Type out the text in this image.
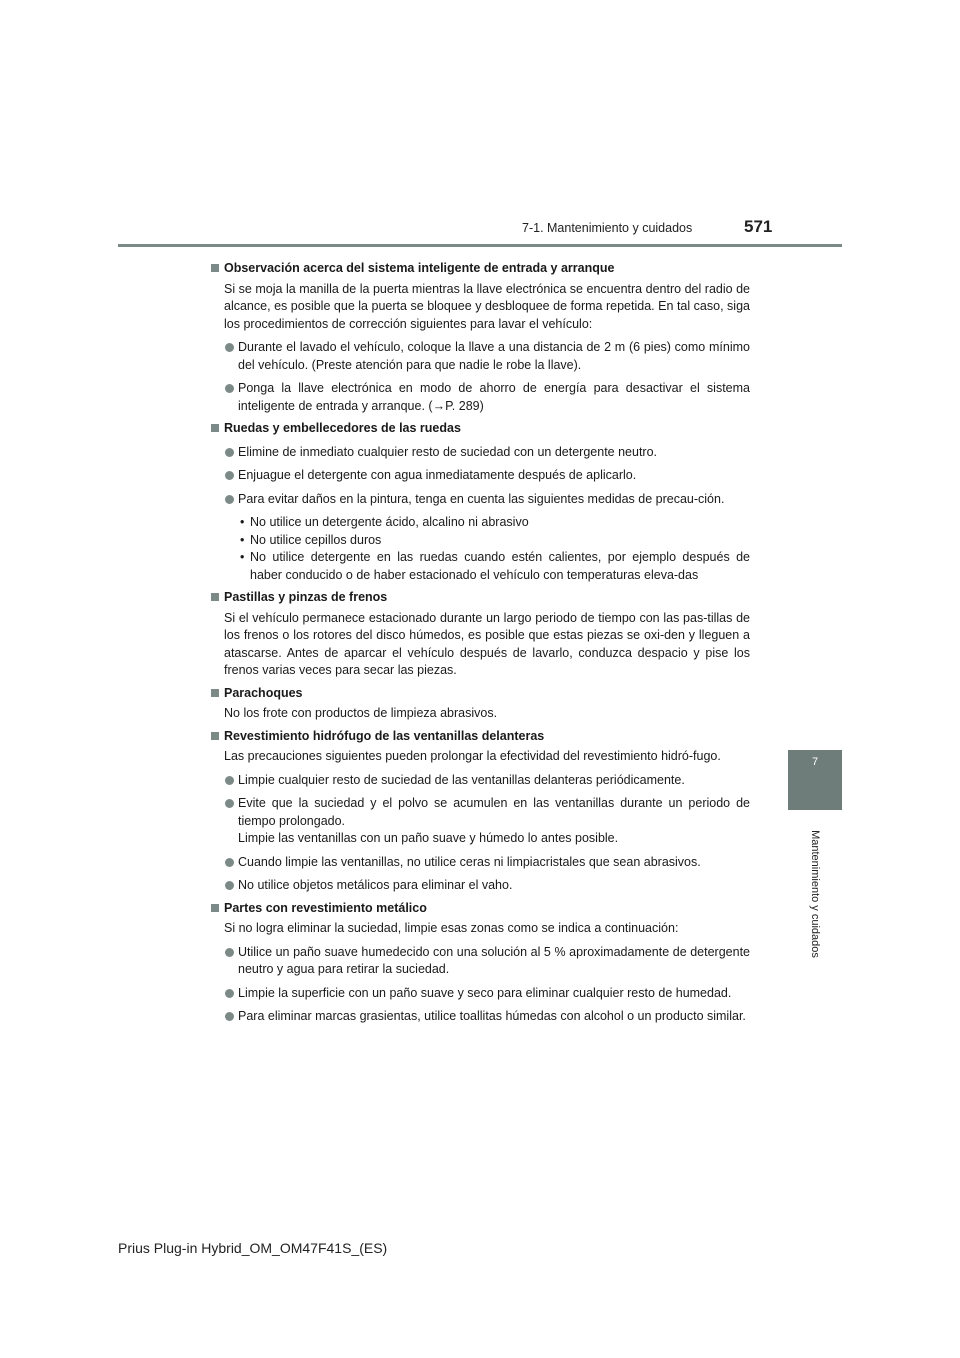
7-1. Mantenimiento y cuidados	571
7
Mantenimiento y cuidados
Observación acerca del sistema inteligente de entrada y arranque
Si se moja la manilla de la puerta mientras la llave electrónica se encuentra dentro del radio de alcance, es posible que la puerta se bloquee y desbloquee de forma repetida. En tal caso, siga los procedimientos de corrección siguientes para lavar el vehículo:
Durante el lavado el vehículo, coloque la llave a una distancia de 2 m (6 pies) como mínimo del vehículo. (Preste atención para que nadie le robe la llave).
Ponga la llave electrónica en modo de ahorro de energía para desactivar el sistema inteligente de entrada y arranque. (→P. 289)
Ruedas y embellecedores de las ruedas
Elimine de inmediato cualquier resto de suciedad con un detergente neutro.
Enjuague el detergente con agua inmediatamente después de aplicarlo.
Para evitar daños en la pintura, tenga en cuenta las siguientes medidas de precau-ción.
• No utilice un detergente ácido, alcalino ni abrasivo
• No utilice cepillos duros
• No utilice detergente en las ruedas cuando estén calientes, por ejemplo después de haber conducido o de haber estacionado el vehículo con temperaturas eleva-das
Pastillas y pinzas de frenos
Si el vehículo permanece estacionado durante un largo periodo de tiempo con las pas-tillas de los frenos o los rotores del disco húmedos, es posible que estas piezas se oxi-den y lleguen a atascarse. Antes de aparcar el vehículo después de lavarlo, conduzca despacio y pise los frenos varias veces para secar las piezas.
Parachoques
No los frote con productos de limpieza abrasivos.
Revestimiento hidrófugo de las ventanillas delanteras
Las precauciones siguientes pueden prolongar la efectividad del revestimiento hidró-fugo.
Limpie cualquier resto de suciedad de las ventanillas delanteras periódicamente.
Evite que la suciedad y el polvo se acumulen en las ventanillas durante un periodo de tiempo prolongado.
Limpie las ventanillas con un paño suave y húmedo lo antes posible.
Cuando limpie las ventanillas, no utilice ceras ni limpiacristales que sean abrasivos.
No utilice objetos metálicos para eliminar el vaho.
Partes con revestimiento metálico
Si no logra eliminar la suciedad, limpie esas zonas como se indica a continuación:
Utilice un paño suave humedecido con una solución al 5 % aproximadamente de detergente neutro y agua para retirar la suciedad.
Limpie la superficie con un paño suave y seco para eliminar cualquier resto de humedad.
Para eliminar marcas grasientas, utilice toallitas húmedas con alcohol o un producto similar.
Prius Plug-in Hybrid_OM_OM47F41S_(ES)
